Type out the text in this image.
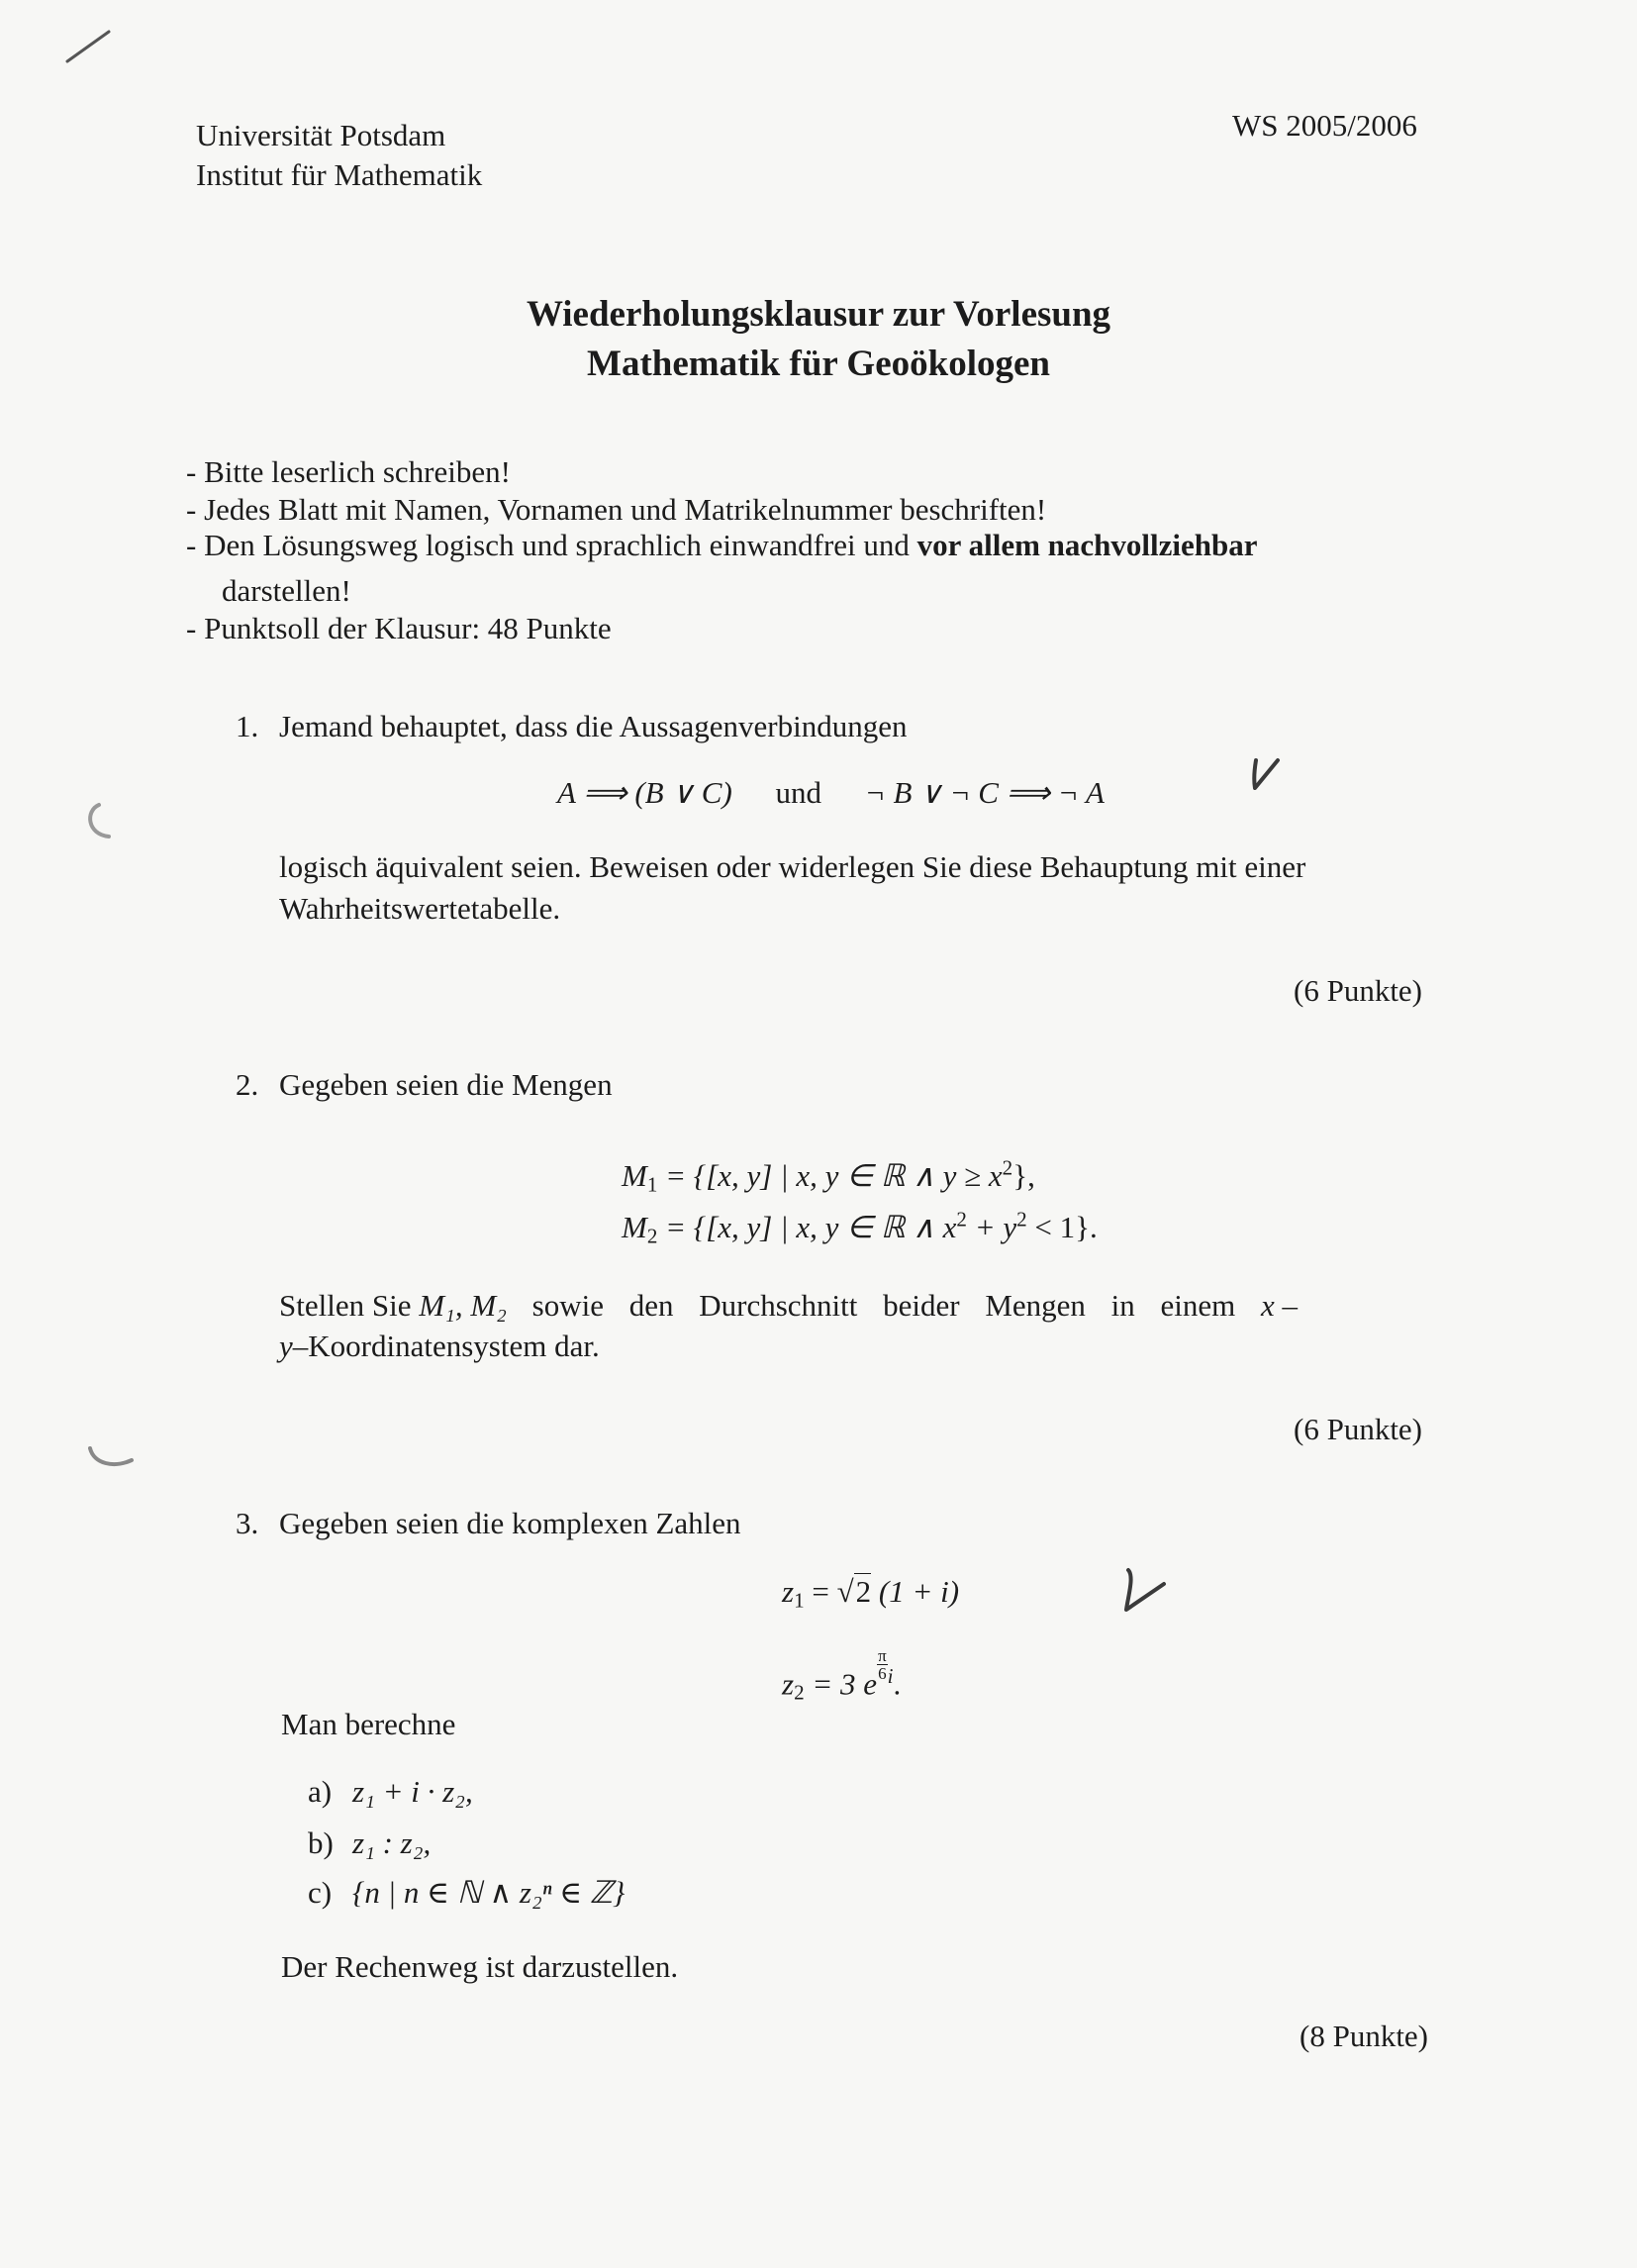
Universität Potsdam
Institut für Mathematik
WS 2005/2006
Wiederholungsklausur zur Vorlesung
Mathematik für Geoökologen
- Bitte leserlich schreiben!
- Jedes Blatt mit Namen, Vornamen und Matrikelnummer beschriften!
- Den Lösungsweg logisch und sprachlich einwandfrei und vor allem nachvollziehbar
darstellen!
- Punktsoll der Klausur: 48 Punkte
1. Jemand behauptet, dass die Aussagenverbindungen
A ⟹ (B ∨ C) und ¬ B ∨ ¬ C ⟹ ¬ A
logisch äquivalent seien. Beweisen oder widerlegen Sie diese Behauptung mit einer
Wahrheitswertetabelle.
(6 Punkte)
2. Gegeben seien die Mengen
$M_1 = \{[x$, y] | x, y ∈ ℝ ∧ $y \ge x^2$},
$M_2 = \{[x$, y] | x, y ∈ ℝ ∧ $x^2 + y^2 < 1$}.
Stellen Sie M₁, M₂ sowie den Durchschnitt beider Mengen in einem x –
y–Koordinatensystem dar.
(6 Punkte)
3. Gegeben seien die komplexen Zahlen
$z_1 = √2$ (1 + i)
$z_2 = 3$ e
$\frac{\pi}{6} ^i$.
Man berechne
a) z₁ + i · z₂,
b) z₁ : z₂,
c) {n | n ∈ ℕ ∧ z₂ⁿ ∈ ℤ}
Der Rechenweg ist darzustellen.
(8 Punkte)
